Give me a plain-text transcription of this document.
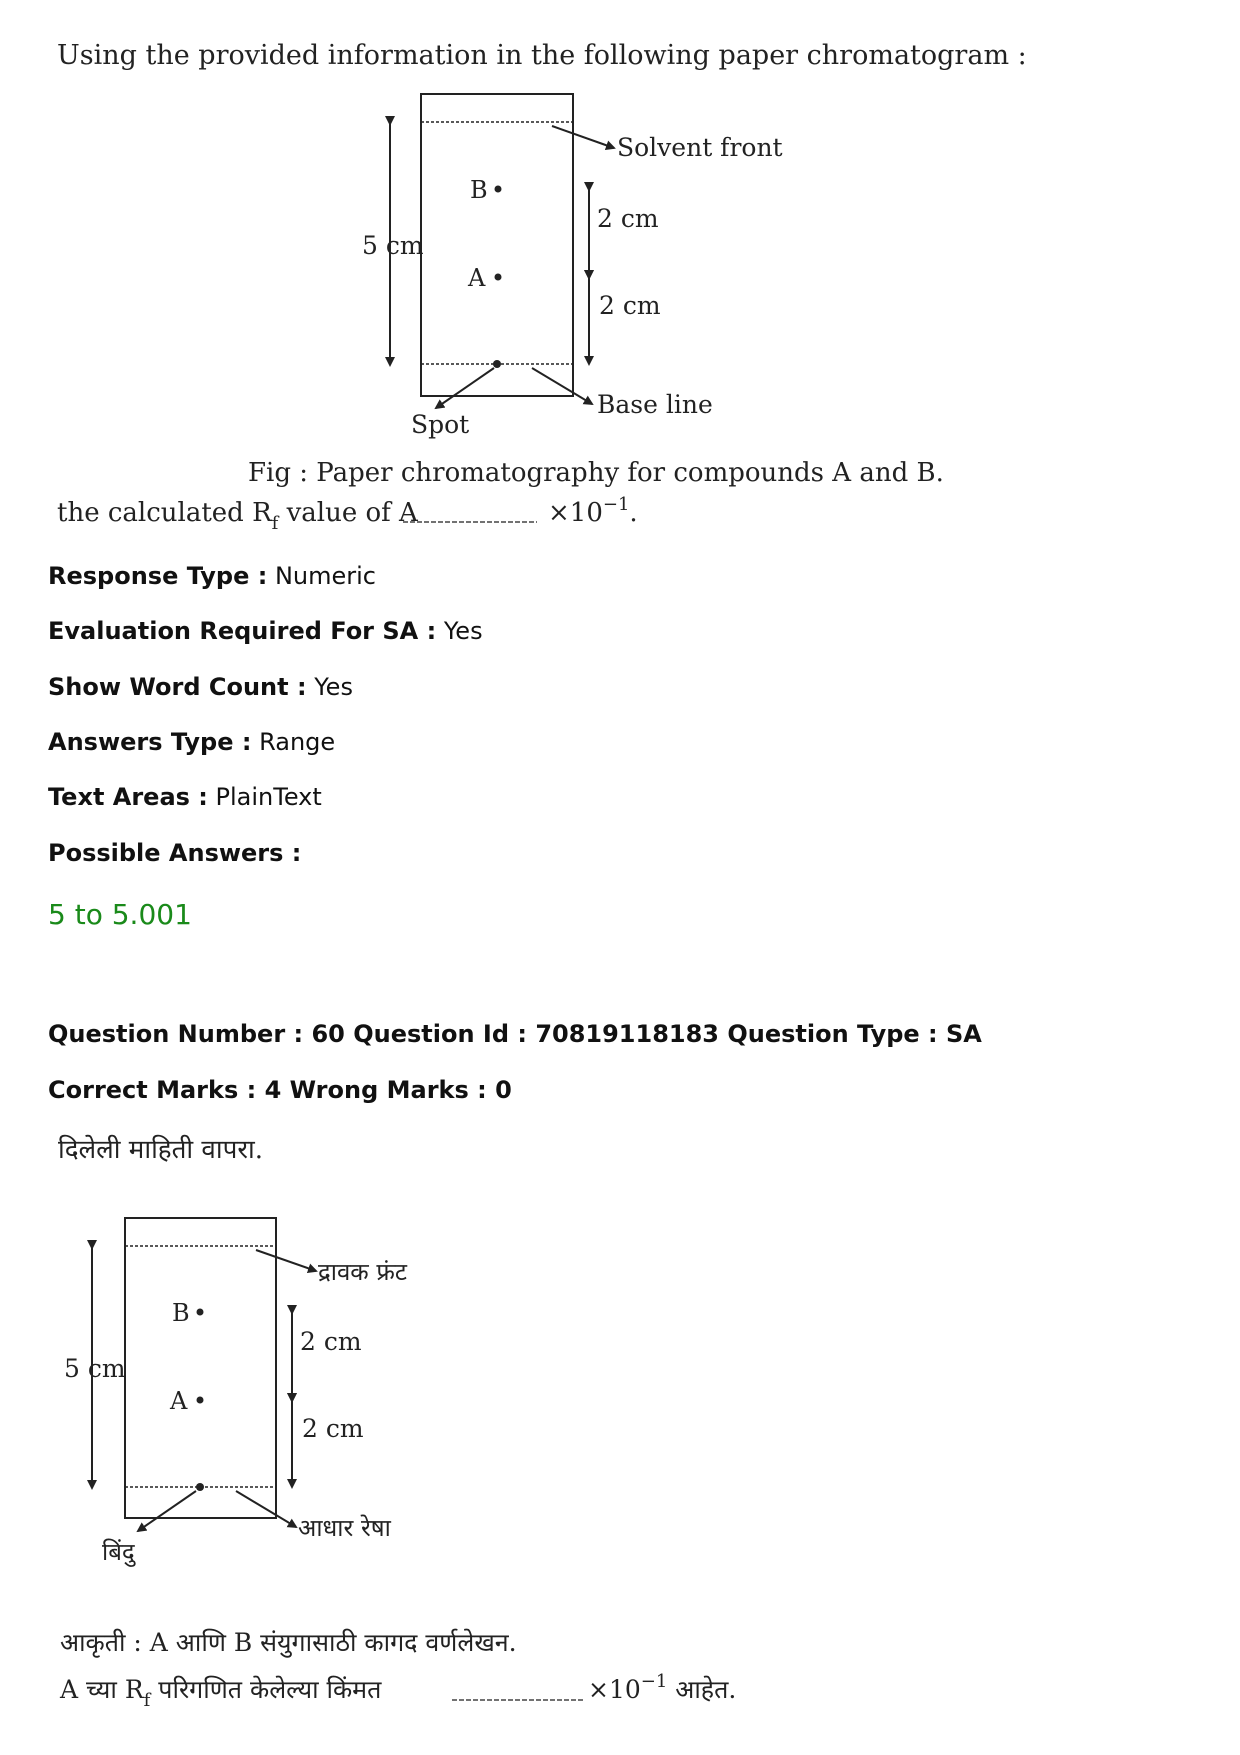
Using the provided information in the following paper chromatogram :
5 cm
B
A
2 cm
2 cm
Solvent front
Spot
Base line
Fig : Paper chromatography for compounds A and B.
the calculated $R_f$ value of A	$\times 10^{-1}$.
Response Type : Numeric
Evaluation Required For SA : Yes
Show Word Count : Yes
Answers Type : Range
Text Areas : PlainText
Possible Answers :
5 to 5.001
Question Number : 60 Question Id : 70819118183 Question Type : SA
Correct Marks : 4 Wrong Marks : 0
दिलेली माहिती वापरा.
5 cm
B
A
2 cm
2 cm
द्रावक फ्रंट
बिंदु
आधार रेषा
आकृती : A आणि B संयुगासाठी कागद वर्णलेखन.
A च्या $R_f$ परिगणित केलेल्या किंमत	$\times 10^{-1}$ आहेत.
